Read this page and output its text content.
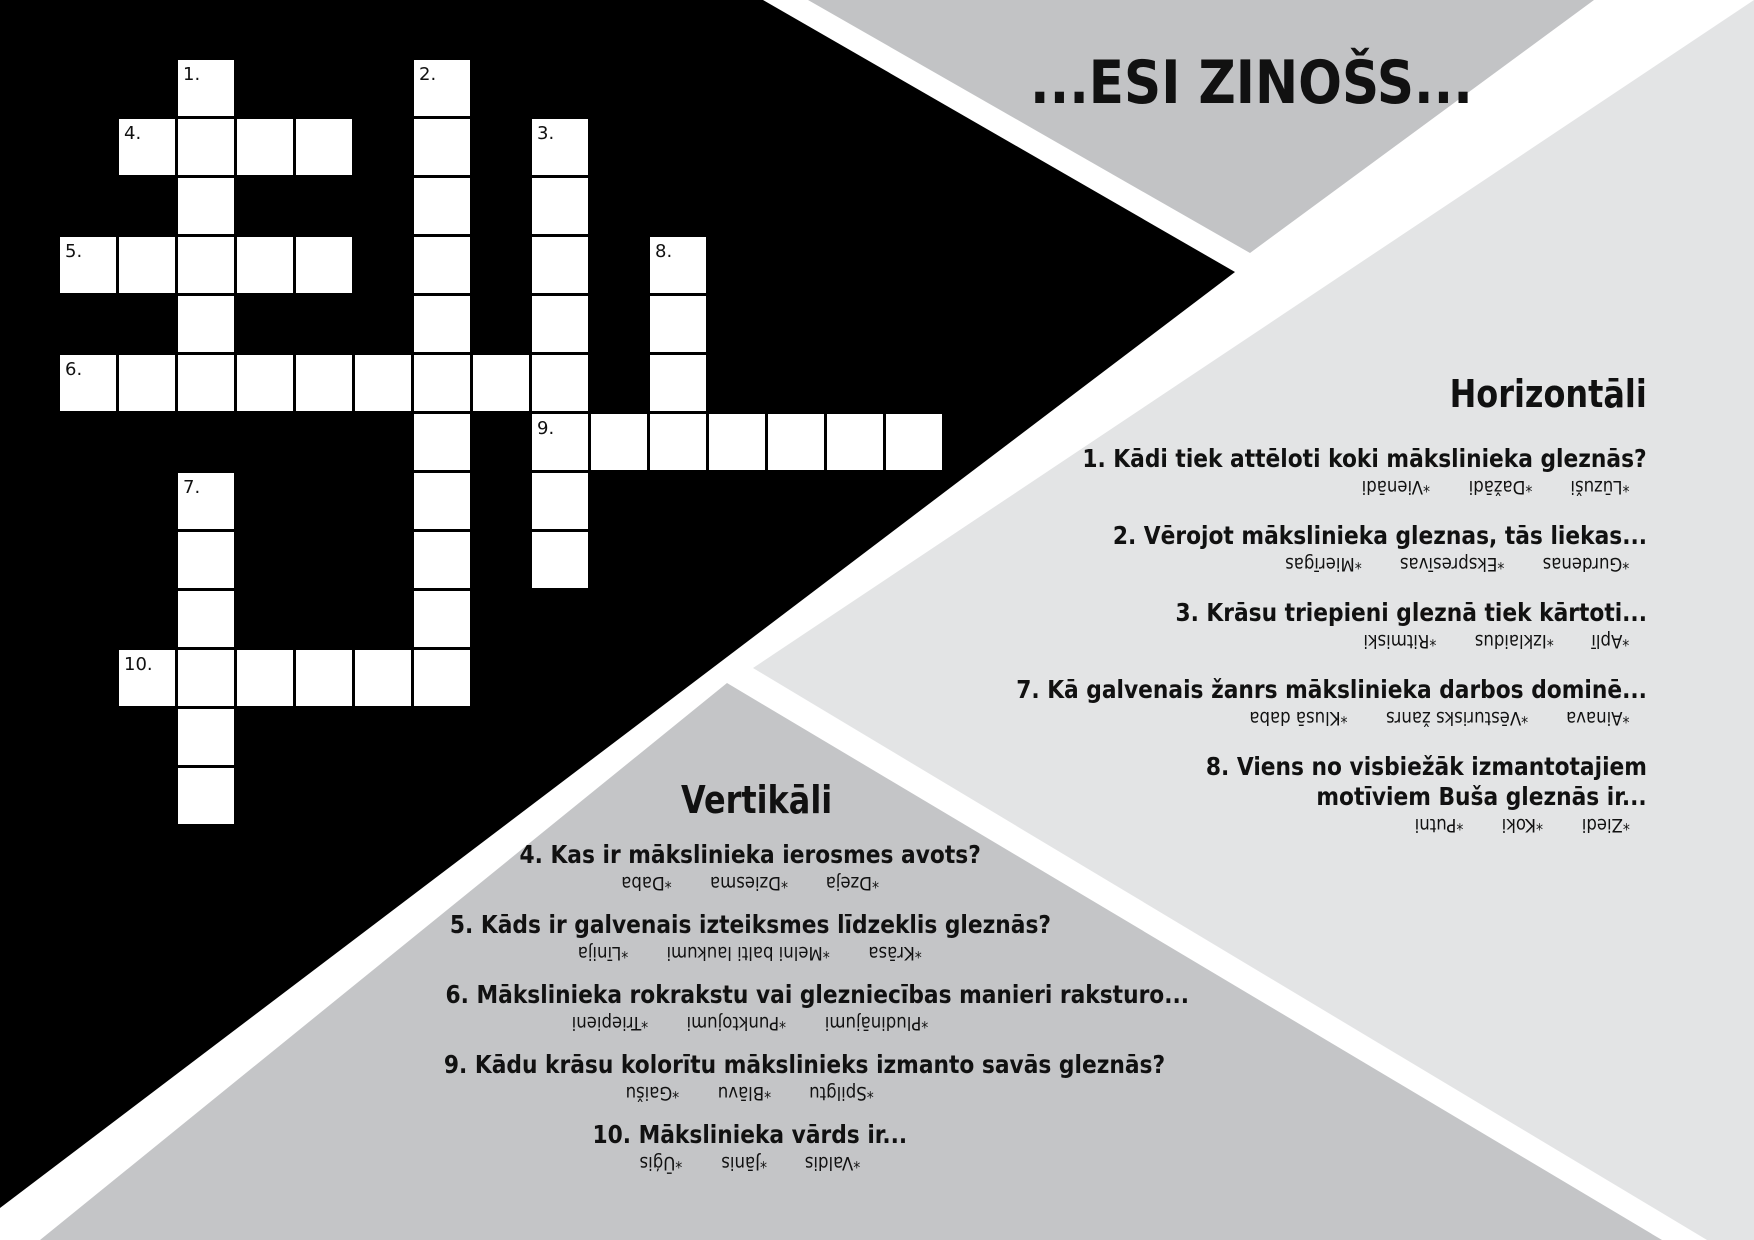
1.	2.
4.	3.
5.	8.
6.
9.
7.
10.
...ESI ZINOŠS...
Horizontāli
1. Kādi tiek attēloti koki mākslinieka gleznās?
*Vienādi	*Dažādi	*Lūzuši
2. Vērojot mākslinieka gleznas, tās liekas...
*Mierīgas	*Ekspresīvas	*Gurdenas
3. Krāsu triepieni gleznā tiek kārtoti...
*Ritmiski	*Izklaidus	*Aplī
7. Kā galvenais žanrs mākslinieka darbos dominē...
*Klusā daba	*Vēsturisks žanrs	*Ainava
8. Viens no visbiežāk izmantotajiem
motīviem Buša gleznās ir...
*Putni	*Koki	*Ziedi
Vertikāli
4. Kas ir mākslinieka ierosmes avots?
*Daba	*Dziesma	*Dzeja
5. Kāds ir galvenais izteiksmes līdzeklis gleznās?
*Līnija	*Melni balti laukumi	*Krāsa
6. Mākslinieka rokrakstu vai glezniecības manieri raksturo...
*Triepieni	*Punktojumi	*Pludinājumi
9. Kādu krāsu kolorītu mākslinieks izmanto savās gleznās?
*Gaišu	*Blāvu	*Spilgtu
10. Mākslinieka vārds ir...
*Ūģis	*Jānis	*Valdis
